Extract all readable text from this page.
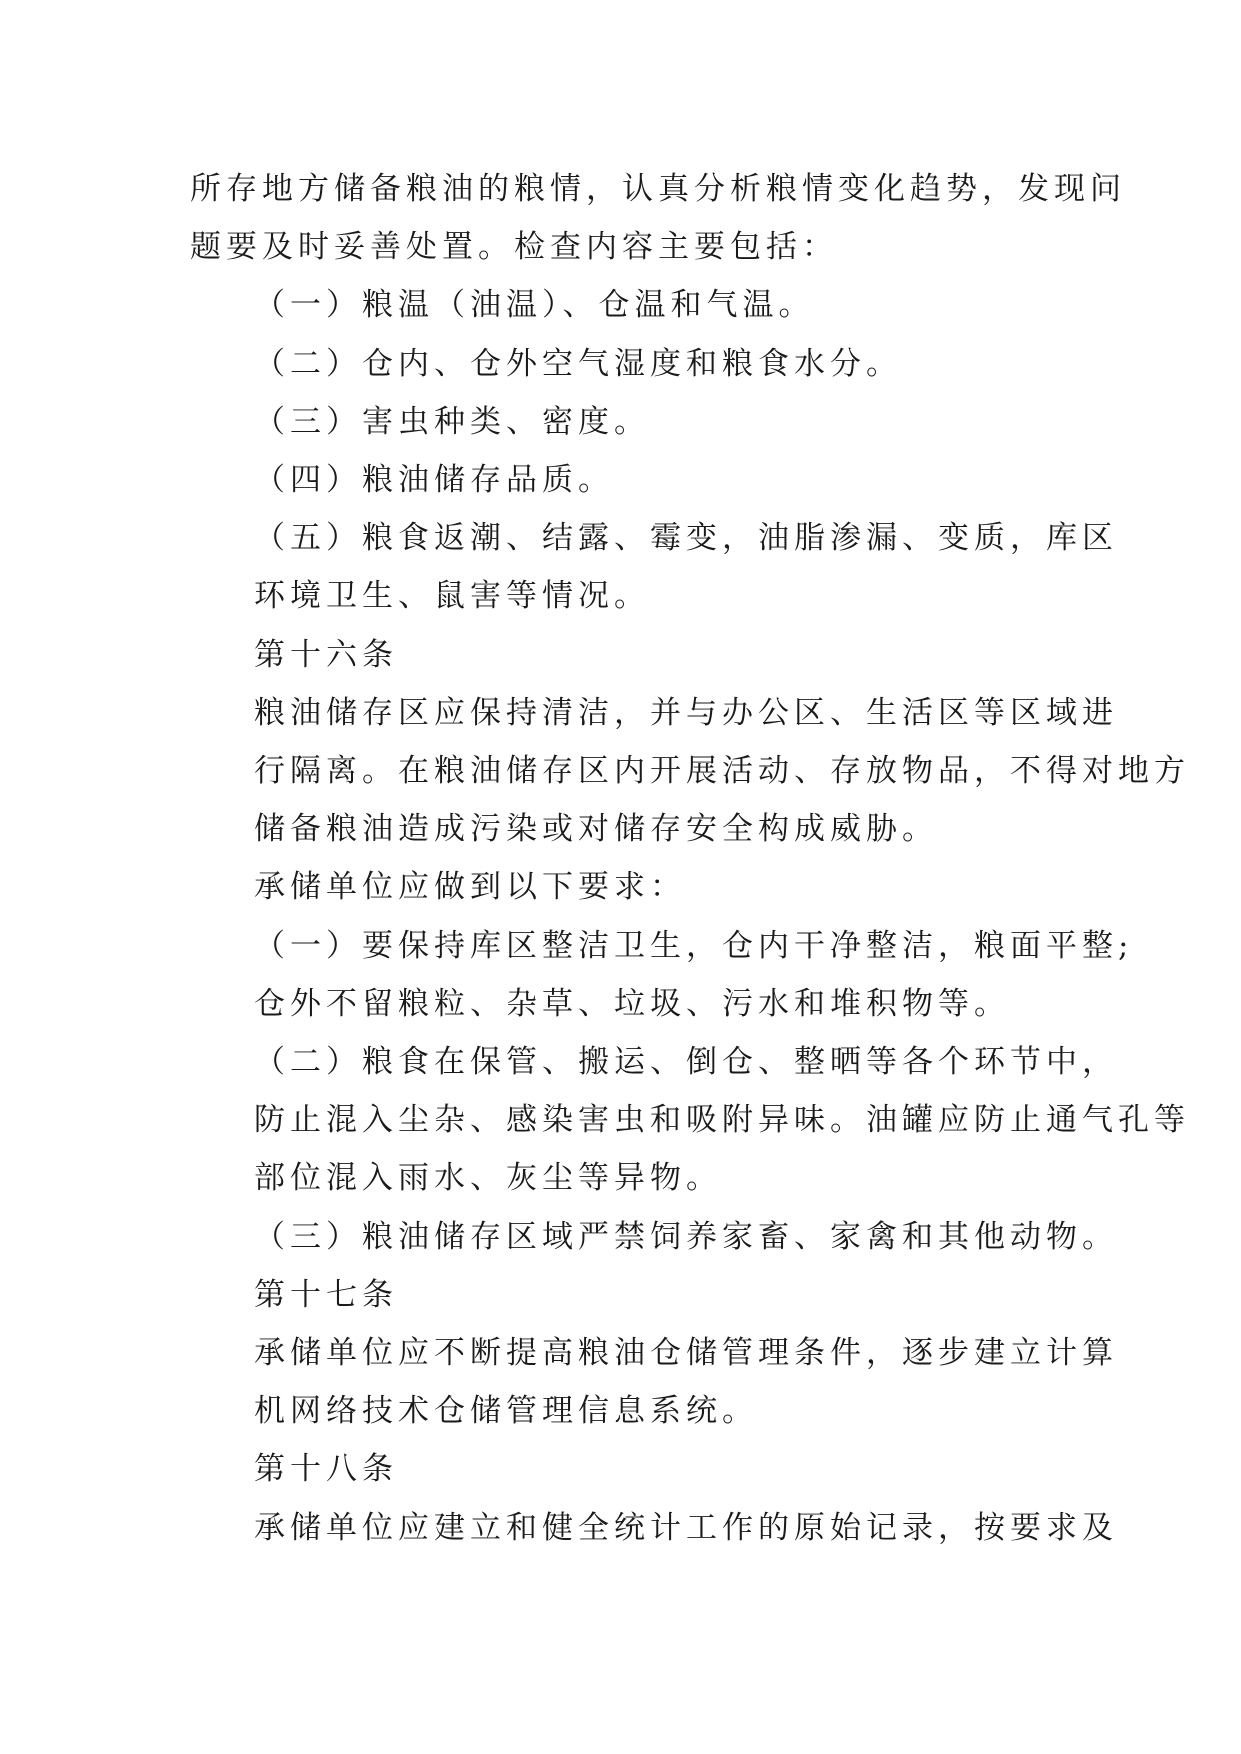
所存地方储备粮油的粮情，认真分析粮情变化趋势，发现问
题要及时妥善处置。检查内容主要包括：

（一）粮温（油温）、仓温和气温。

（二）仓内、仓外空气湿度和粮食水分。

（三）害虫种类、密度。

（四）粮油储存品质。

（五）粮食返潮、结露、霉变，油脂渗漏、变质，库区
环境卫生、鼠害等情况。

第十六条

粮油储存区应保持清洁，并与办公区、生活区等区域进
行隔离。在粮油储存区内开展活动、存放物品，不得对地方
储备粮油造成污染或对储存安全构成威胁。

承储单位应做到以下要求：

（一）要保持库区整洁卫生，仓内干净整洁，粮面平整;
仓外不留粮粒、杂草、垃圾、污水和堆积物等。

（二）粮食在保管、搬运、倒仓、整晒等各个环节中，
防止混入尘杂、感染害虫和吸附异味。油罐应防止通气孔等
部位混入雨水、灰尘等异物。

（三）粮油储存区域严禁饲养家畜、家禽和其他动物。

第十七条

承储单位应不断提高粮油仓储管理条件，逐步建立计算
机网络技术仓储管理信息系统。

第十八条

承储单位应建立和健全统计工作的原始记录，按要求及
